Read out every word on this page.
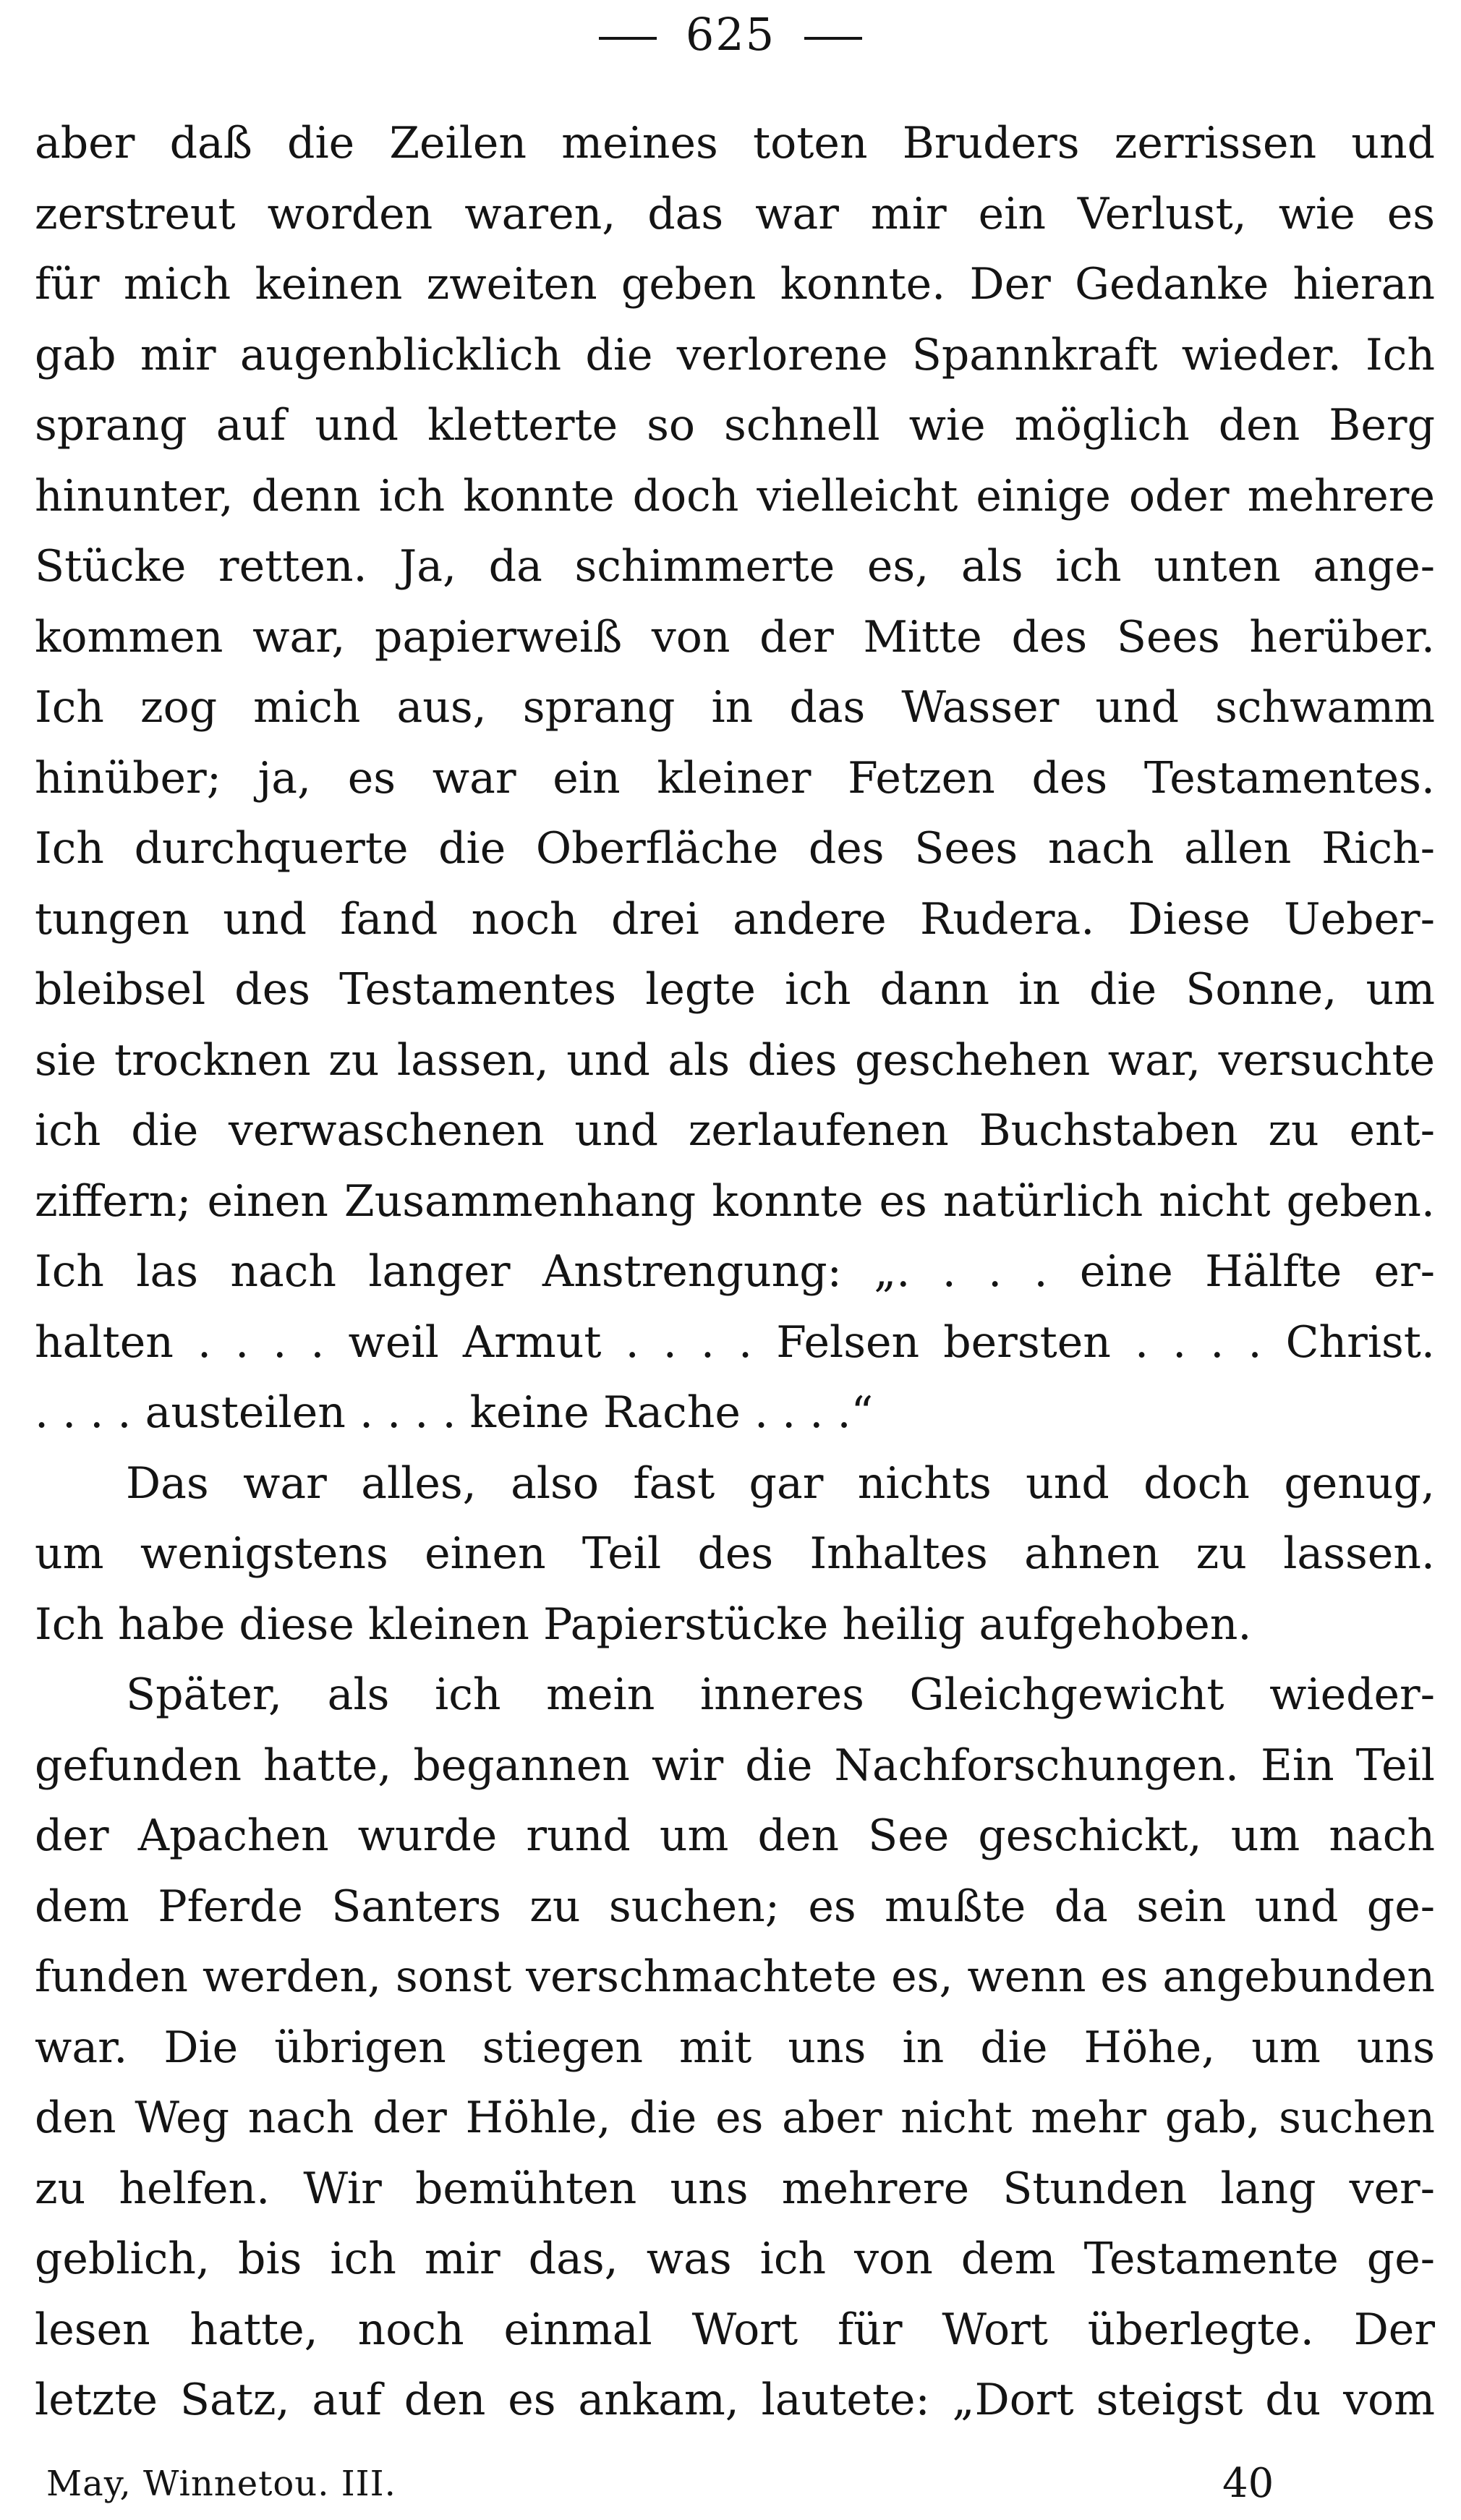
625
aber daß die Zeilen meines toten Bruders zerrissen und
zerstreut worden waren, das war mir ein Verlust, wie es
für mich keinen zweiten geben konnte. Der Gedanke hieran
gab mir augenblicklich die verlorene Spannkraft wieder. Ich
sprang auf und kletterte so schnell wie möglich den Berg
hinunter, denn ich konnte doch vielleicht einige oder mehrere
Stücke retten. Ja, da schimmerte es, als ich unten ange-
kommen war, papierweiß von der Mitte des Sees herüber.
Ich zog mich aus, sprang in das Wasser und schwamm
hinüber; ja, es war ein kleiner Fetzen des Testamentes.
Ich durchquerte die Oberfläche des Sees nach allen Rich-
tungen und fand noch drei andere Rudera. Diese Ueber-
bleibsel des Testamentes legte ich dann in die Sonne, um
sie trocknen zu lassen, und als dies geschehen war, versuchte
ich die verwaschenen und zerlaufenen Buchstaben zu ent-
ziffern; einen Zusammenhang konnte es natürlich nicht geben.
Ich las nach langer Anstrengung: „. . . . eine Hälfte er-
halten . . . . weil Armut . . . . Felsen bersten . . . . Christ.
. . . . austeilen . . . . keine Rache . . . .“
Das war alles, also fast gar nichts und doch genug,
um wenigstens einen Teil des Inhaltes ahnen zu lassen.
Ich habe diese kleinen Papierstücke heilig aufgehoben.
Später, als ich mein inneres Gleichgewicht wieder-
gefunden hatte, begannen wir die Nachforschungen. Ein Teil
der Apachen wurde rund um den See geschickt, um nach
dem Pferde Santers zu suchen; es mußte da sein und ge-
funden werden, sonst verschmachtete es, wenn es angebunden
war. Die übrigen stiegen mit uns in die Höhe, um uns
den Weg nach der Höhle, die es aber nicht mehr gab, suchen
zu helfen. Wir bemühten uns mehrere Stunden lang ver-
geblich, bis ich mir das, was ich von dem Testamente ge-
lesen hatte, noch einmal Wort für Wort überlegte. Der
letzte Satz, auf den es ankam, lautete: „Dort steigst du vom
May, Winnetou. III.	40
